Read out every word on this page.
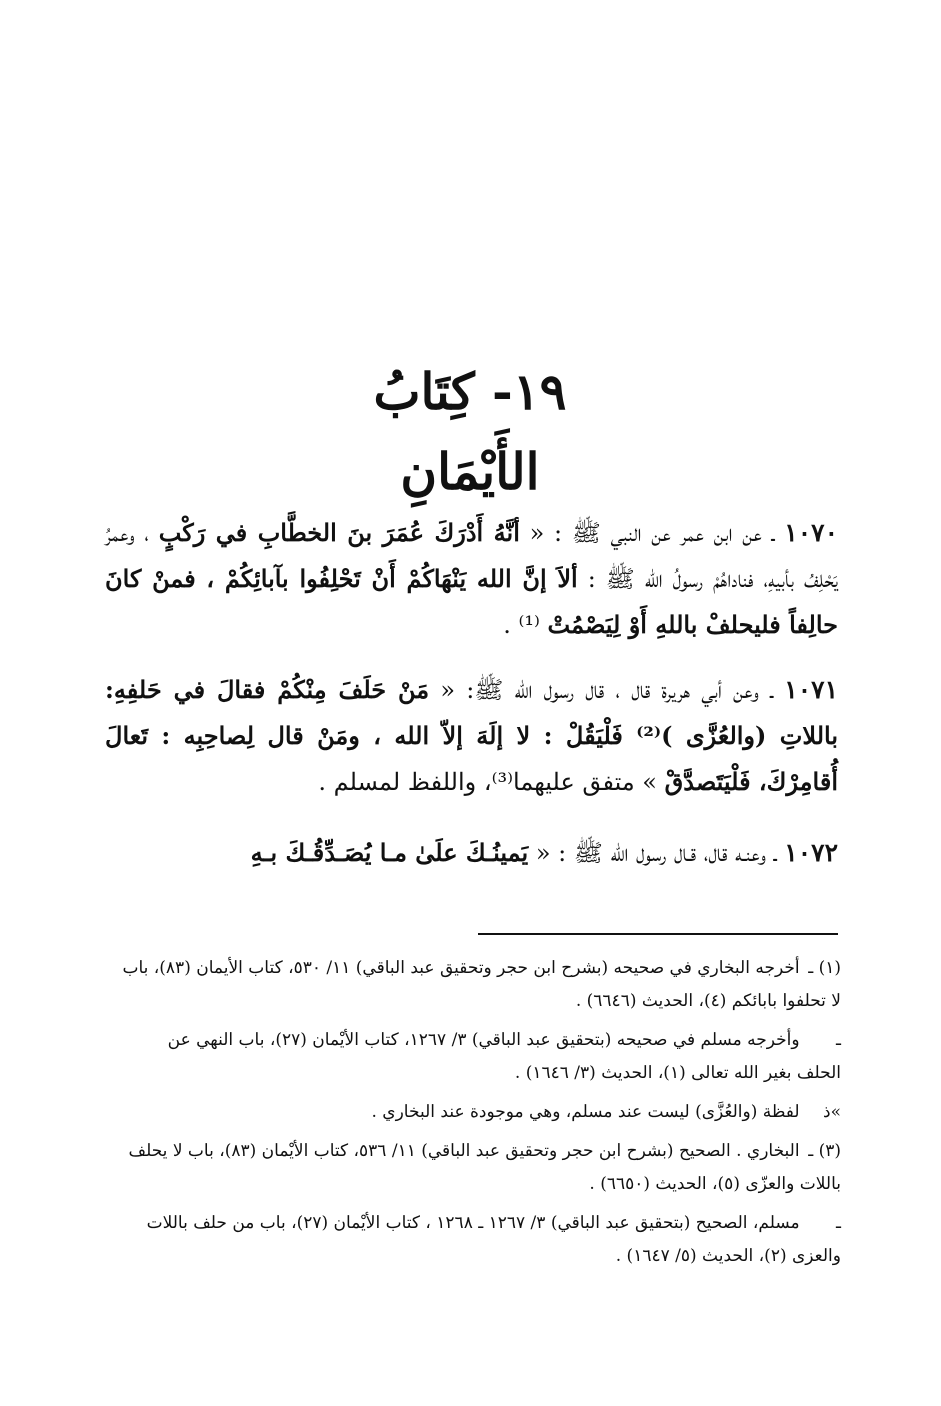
١٩- كِتَابُ الأَيْمَانِ
١٠٧٠ ـ عن ابن عمر عن النبي ﷺ : « أنَّهُ أَدْرَكَ عُمَرَ بنَ الخطَّابِ في رَكْبٍ ، وعمرُ يَحْلِفُ بأبيهِ، فناداهُمْ رسولُ الله ﷺ : ألاَ إنَّ الله يَنْهَاكُمْ أَنْ تَحْلِفُوا بآبائِكُمْ ، فمنْ كانَ حالِفاً فليحلفْ باللهِ أَوْ لِيَصْمُتْ ⁽¹⁾ .
١٠٧١ ـ وعن أبي هريرة قال ، قال رسول الله ﷺ: « مَنْ حَلَفَ مِنْكُمْ فقالَ في حَلفِهِ: باللاتِ (والعُزَّى )⁽²⁾ فَلْيَقُلْ : لا إلَهَ إلاّ الله ، ومَنْ قال لِصاحِبِه : تَعالَ أُقامِرْكَ، فَلْيَتَصدَّقْ » متفق عليهما⁽³⁾، واللفظ لمسلم .
١٠٧٢ ـ وعنـه قال، قـال رسول الله ﷺ : « يَمينُـكَ علَىٰ مـا يُصَـدِّقُـكَ بـهِ
(١) ـ أخرجه البخاري في صحيحه (بشرح ابن حجر وتحقيق عبد الباقي) ١١/ ٥٣٠، كتاب الأيمان (٨٣)، باب لا تحلفوا بابائكم (٤)، الحديث (٦٦٤٦) .
ـ وأخرجه مسلم في صحيحه (بتحقيق عبد الباقي) ٣/ ١٢٦٧، كتاب الأيْمان (٢٧)، باب النهي عن الحلف بغير الله تعالى (١)، الحديث (٣/ ١٦٤٦) .
»ذ لفظة (والعُزَّى) ليست عند مسلم، وهي موجودة عند البخاري .
(٣) ـ البخاري . الصحيح (بشرح ابن حجر وتحقيق عبد الباقي) ١١/ ٥٣٦، كتاب الأيْمان (٨٣)، باب لا يحلف باللات والعزّى (٥)، الحديث (٦٦٥٠) .
ـ مسلم، الصحيح (بتحقيق عبد الباقي) ٣/ ١٢٦٧ ـ ١٢٦٨ ، كتاب الأيْمان (٢٧)، باب من حلف باللات والعزى (٢)، الحديث (٥/ ١٦٤٧) .
